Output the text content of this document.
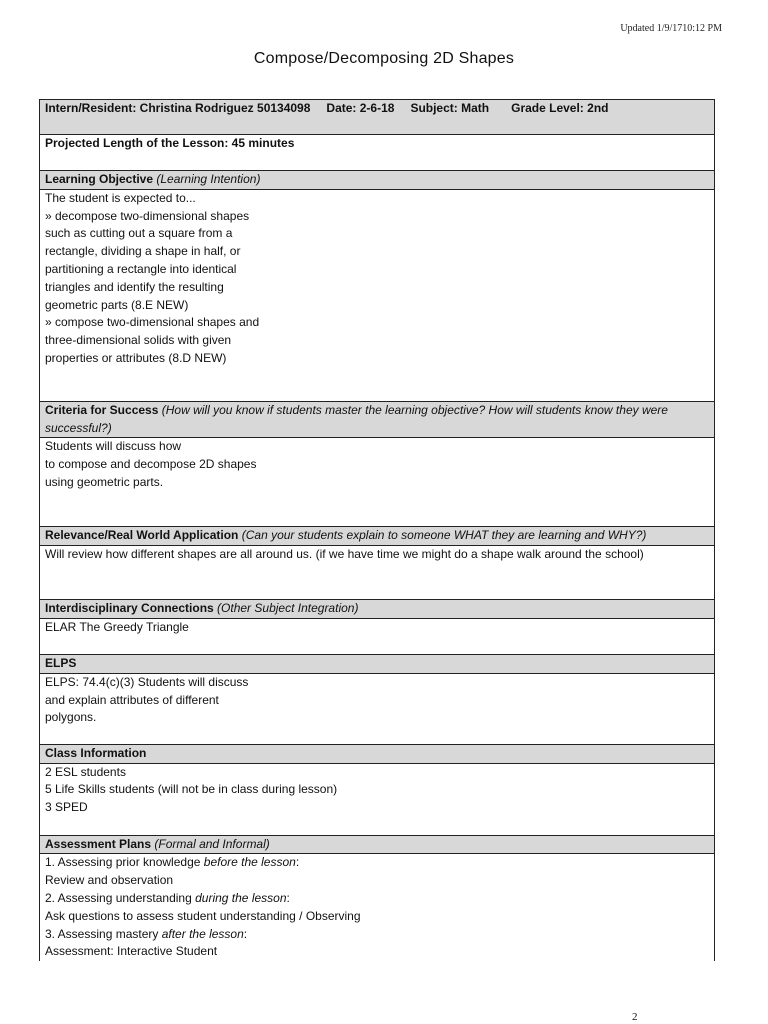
Updated 1/9/1710:12 PM
Compose/Decomposing 2D Shapes
Intern/Resident: Christina Rodriguez 50134098 Date: 2-6-18 Subject: Math Grade Level: 2nd
Projected Length of the Lesson: 45 minutes
Learning Objective (Learning Intention)

The student is expected to...
» decompose two-dimensional shapes
such as cutting out a square from a
rectangle, dividing a shape in half, or
partitioning a rectangle into identical
triangles and identify the resulting
geometric parts (8.E NEW)
» compose two-dimensional shapes and
three-dimensional solids with given
properties or attributes (8.D NEW)

Criteria for Success (How will you know if students master the learning objective? How will students know they were
successful?)

Students will discuss how
to compose and decompose 2D shapes
using geometric parts.

Relevance/Real World Application (Can your students explain to someone WHAT they are learning and WHY?)

Will review how different shapes are all around us. (if we have time we might do a shape walk around the school)

Interdisciplinary Connections (Other Subject Integration)

ELAR The Greedy Triangle

ELPS

ELPS: 74.4(c)(3) Students will discuss
and explain attributes of different
polygons.

Class Information

2 ESL students
5 Life Skills students (will not be in class during lesson)
3 SPED

Assessment Plans (Formal and Informal)

1. Assessing prior knowledge before the lesson:
Review and observation
2. Assessing understanding during the lesson:
Ask questions to assess student understanding / Observing
3. Assessing mastery after the lesson:
Assessment: Interactive Student
2
